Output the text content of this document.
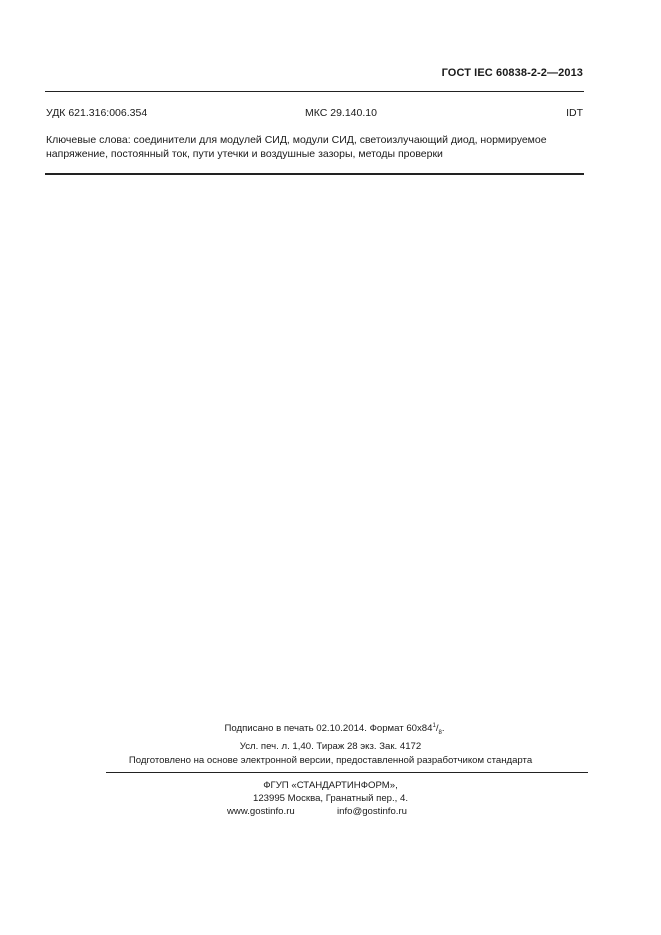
ГОСТ IEC 60838-2-2—2013
УДК 621.316:006.354	МКС 29.140.10	IDT
Ключевые слова: соединители для модулей СИД, модули СИД, светоизлучающий диод, нормируемое напряжение, постоянный ток, пути утечки и воздушные зазоры, методы проверки
Подписано в печать 02.10.2014. Формат $60x84^1/_8$.
Усл. печ. л. 1,40. Тираж 28 экз. Зак. 4172
Подготовлено на основе электронной версии, предоставленной разработчиком стандарта
ФГУП «СТАНДАРТИНФОРМ»,
123995 Москва, Гранатный пер., 4.
www.gostinfo.ru	info@gostinfo.ru
